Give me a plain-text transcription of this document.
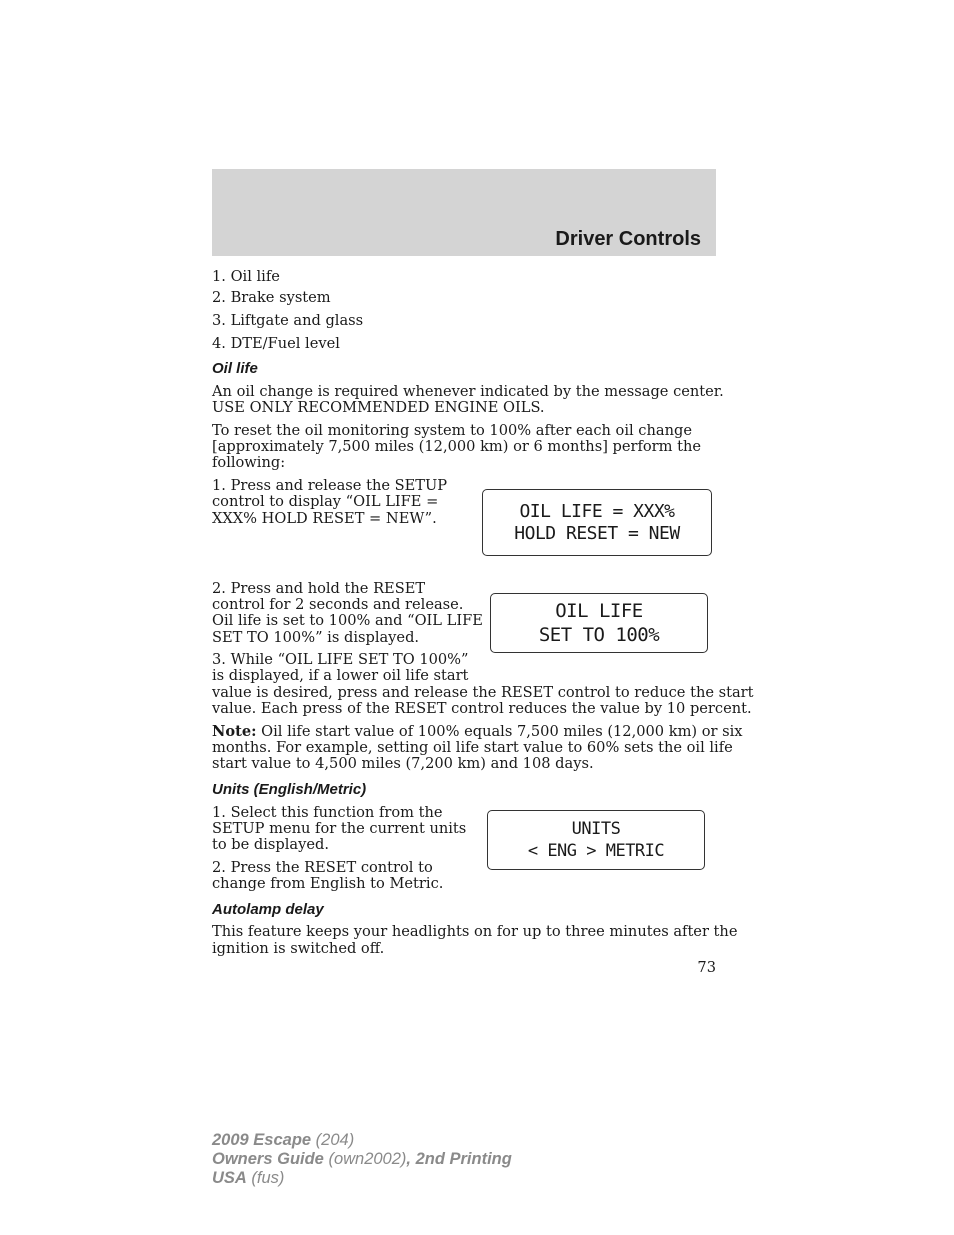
Driver Controls
1. Oil life
2. Brake system
3. Liftgate and glass
4. DTE/Fuel level
Oil life
An oil change is required whenever indicated by the message center.
USE ONLY RECOMMENDED ENGINE OILS.
To reset the oil monitoring system to 100% after each oil change
[approximately 7,500 miles (12,000 km) or 6 months] perform the
following:
1. Press and release the SETUP
control to display “OIL LIFE =
XXX% HOLD RESET = NEW”.	OIL LIFE = XXX%
HOLD RESET = NEW
2. Press and hold the RESET
control for 2 seconds and release.
Oil life is set to 100% and “OIL LIFE
SET TO 100%” is displayed.
OIL LIFE
SET TO 100%
3. While “OIL LIFE SET TO 100%”
is displayed, if a lower oil life start
value is desired, press and release the RESET control to reduce the start
value. Each press of the RESET control reduces the value by 10 percent.
Note: Oil life start value of 100% equals 7,500 miles (12,000 km) or six
months. For example, setting oil life start value to 60% sets the oil life
start value to 4,500 miles (7,200 km) and 108 days.
Units (English/Metric)
1. Select this function from the
SETUP menu for the current units
to be displayed.
2. Press the RESET control to
change from English to Metric.
UNITS
< ENG > METRIC
Autolamp delay
This feature keeps your headlights on for up to three minutes after the
ignition is switched off.
73
2009 Escape (204)
Owners Guide (own2002), 2nd Printing
USA (fus)
